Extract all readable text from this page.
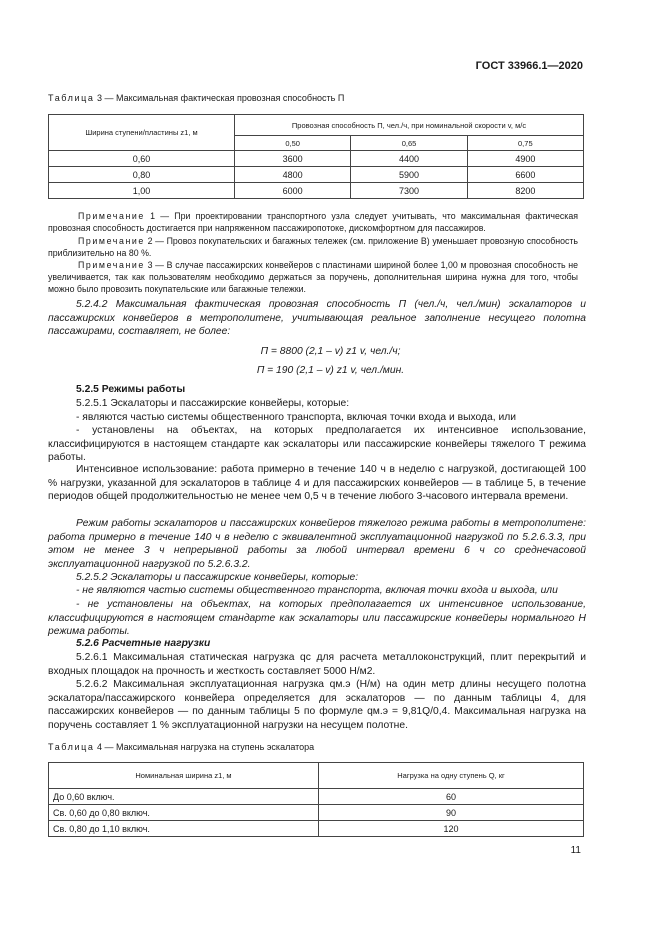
ГОСТ 33966.1—2020
Таблица 3 — Максимальная фактическая провозная способность П
Ширина ступени/пластины z1, м	Провозная способность П, чел./ч, при номинальной скорости v, м/с		
	0,50	0,65	0,75
0,60	3600	4400	4900
0,80	4800	5900	6600
1,00	6000	7300	8200
Примечание 1 — При проектировании транспортного узла следует учитывать, что максимальная фактическая провозная способность достигается при напряженном пассажиропотоке, дискомфортном для пассажиров.
Примечание 2 — Провоз покупательских и багажных тележек (см. приложение В) уменьшает провозную способность приблизительно на 80 %.
Примечание 3 — В случае пассажирских конвейеров с пластинами шириной более 1,00 м провозная способность не увеличивается, так как пользователям необходимо держаться за поручень, дополнительная ширина нужна для того, чтобы можно было провозить покупательские или багажные тележки.
5.2.4.2 Максимальная фактическая провозная способность П (чел./ч, чел./мин) эскалаторов и пассажирских конвейеров в метрополитене, учитывающая реальное заполнение несущего полотна пассажирами, составляет, не более:
П = 8800 (2,1 – v) z1 v, чел./ч;
П = 190 (2,1 – v) z1 v, чел./мин.
5.2.5 Режимы работы
5.2.5.1 Эскалаторы и пассажирские конвейеры, которые:
- являются частью системы общественного транспорта, включая точки входа и выхода, или
- установлены на объектах, на которых предполагается их интенсивное использование, классифицируются в настоящем стандарте как эскалаторы или пассажирские конвейеры тяжелого Т режима работы.
Интенсивное использование: работа примерно в течение 140 ч в неделю с нагрузкой, достигающей 100 % нагрузки, указанной для эскалаторов в таблице 4 и для пассажирских конвейеров — в таблице 5, в течение периодов общей продолжительностью не менее чем 0,5 ч в течение любого 3-часового интервала времени.
Режим работы эскалаторов и пассажирских конвейеров тяжелого режима работы в метрополитене: работа примерно в течение 140 ч в неделю с эквивалентной эксплуатационной нагрузкой по 5.2.6.3.3, при этом не менее 3 ч непрерывной работы за любой интервал времени 6 ч со среднечасовой эксплуатационной нагрузкой по 5.2.6.3.2.
5.2.5.2 Эскалаторы и пассажирские конвейеры, которые:
- не являются частью системы общественного транспорта, включая точки входа и выхода, или
- не установлены на объектах, на которых предполагается их интенсивное использование, классифицируются в настоящем стандарте как эскалаторы или пассажирские конвейеры нормального Н режима работы.
5.2.6 Расчетные нагрузки
5.2.6.1 Максимальная статическая нагрузка qc для расчета металлоконструкций, плит перекрытий и входных площадок на прочность и жесткость составляет 5000 Н/м2.
5.2.6.2 Максимальная эксплуатационная нагрузка qм.э (Н/м) на один метр длины несущего полотна эскалатора/пассажирского конвейера определяется для эскалаторов — по данным таблицы 4, для пассажирских конвейеров — по данным таблицы 5 по формуле qм.э = 9,81Q/0,4. Максимальная нагрузка на поручень составляет 1 % эксплуатационной нагрузки на несущем полотне.
Таблица 4 — Максимальная нагрузка на ступень эскалатора
Номинальная ширина z1, м	Нагрузка на одну ступень Q, кг
До 0,60 включ.	60
Св. 0,60 до 0,80 включ.	90
Св. 0,80 до 1,10 включ.	120
11
